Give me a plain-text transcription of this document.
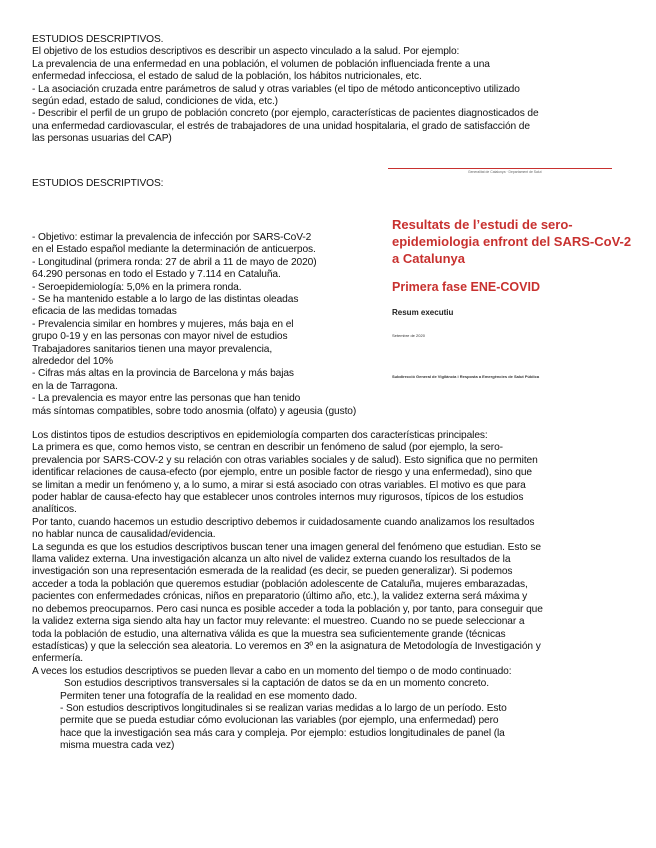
ESTUDIOS DESCRIPTIVOS.

El objetivo de los estudios descriptivos es describir un aspecto vinculado a la salud. Por ejemplo:

La prevalencia de una enfermedad en una población, el volumen de población influenciada frente a una

enfermedad infecciosa, el estado de salud de la población, los hábitos nutricionales, etc.

- La asociación cruzada entre parámetros de salud y otras variables (el tipo de método anticonceptivo utilizado

según edad, estado de salud, condiciones de vida, etc.)

- Describir el perfil de un grupo de población concreto (por ejemplo, características de pacientes diagnosticados de

una enfermedad cardiovascular, el estrés de trabajadores de una unidad hospitalaria, el grado de satisfacción de

las personas usuarias del CAP)

ESTUDIOS DESCRIPTIVOS:

- Objetivo: estimar la prevalencia de infección por SARS-CoV-2

en el Estado español mediante la determinación de anticuerpos.

- Longitudinal (primera ronda: 27 de abril a 11 de mayo de 2020)

64.290 personas en todo el Estado y 7.114 en Cataluña.

- Seroepidemiología: 5,0% en la primera ronda.

- Se ha mantenido estable a lo largo de las distintas oleadas

eficacia de las medidas tomadas

- Prevalencia similar en hombres y mujeres, más baja en el

grupo 0-19 y en las personas con mayor nivel de estudios

Trabajadores sanitarios tienen una mayor prevalencia,

alrededor del 10%

- Cifras más altas en la provincia de Barcelona y más bajas

en la de Tarragona.

- La prevalencia es mayor entre las personas que han tenido

más síntomas compatibles, sobre todo anosmia (olfato) y ageusia (gusto)

Generalitat de Catalunya · Departament de Salut
Resultats de l’estudi de sero-epidemiologia enfront del SARS-CoV-2 a Catalunya
Primera fase ENE-COVID
Resum executiu
Setembre de 2020
Subdirecció General de Vigilància i Resposta a Emergències de Salut Pública

Los distintos tipos de estudios descriptivos en epidemiología comparten dos características principales:

La primera es que, como hemos visto, se centran en describir un fenómeno de salud (por ejemplo, la sero-

prevalencia por SARS-COV-2 y su relación con otras variables sociales y de salud). Esto significa que no permiten

identificar relaciones de causa-efecto (por ejemplo, entre un posible factor de riesgo y una enfermedad), sino que

se limitan a medir un fenómeno y, a lo sumo, a mirar si está asociado con otras variables. El motivo es que para

poder hablar de causa-efecto hay que establecer unos controles internos muy rigurosos, típicos de los estudios

analíticos.

Por tanto, cuando hacemos un estudio descriptivo debemos ir cuidadosamente cuando analizamos los resultados

no hablar nunca de causalidad/evidencia.

La segunda es que los estudios descriptivos buscan tener una imagen general del fenómeno que estudian. Esto se

llama validez externa. Una investigación alcanza un alto nivel de validez externa cuando los resultados de la

investigación son una representación esmerada de la realidad (es decir, se pueden generalizar). Si podemos

acceder a toda la población que queremos estudiar (población adolescente de Cataluña, mujeres embarazadas,

pacientes con enfermedades crónicas, niños en preparatorio (último año, etc.), la validez externa será máxima y

no debemos preocuparnos. Pero casi nunca es posible acceder a toda la población y, por tanto, para conseguir que

la validez externa siga siendo alta hay un factor muy relevante: el muestreo. Cuando no se puede seleccionar a

toda la población de estudio, una alternativa válida es que la muestra sea suficientemente grande (técnicas

estadísticas) y que la selección sea aleatoria. Lo veremos en 3º en la asignatura de Metodología de Investigación y

enfermería.

A veces los estudios descriptivos se pueden llevar a cabo en un momento del tiempo o de modo continuado:

Son estudios descriptivos transversales si la captación de datos se da en un momento concreto.

Permiten tener una fotografía de la realidad en ese momento dado.

- Son estudios descriptivos longitudinales si se realizan varias medidas a lo largo de un período. Esto

permite que se pueda estudiar cómo evolucionan las variables (por ejemplo, una enfermedad) pero

hace que la investigación sea más cara y compleja. Por ejemplo: estudios longitudinales de panel (la

misma muestra cada vez)
